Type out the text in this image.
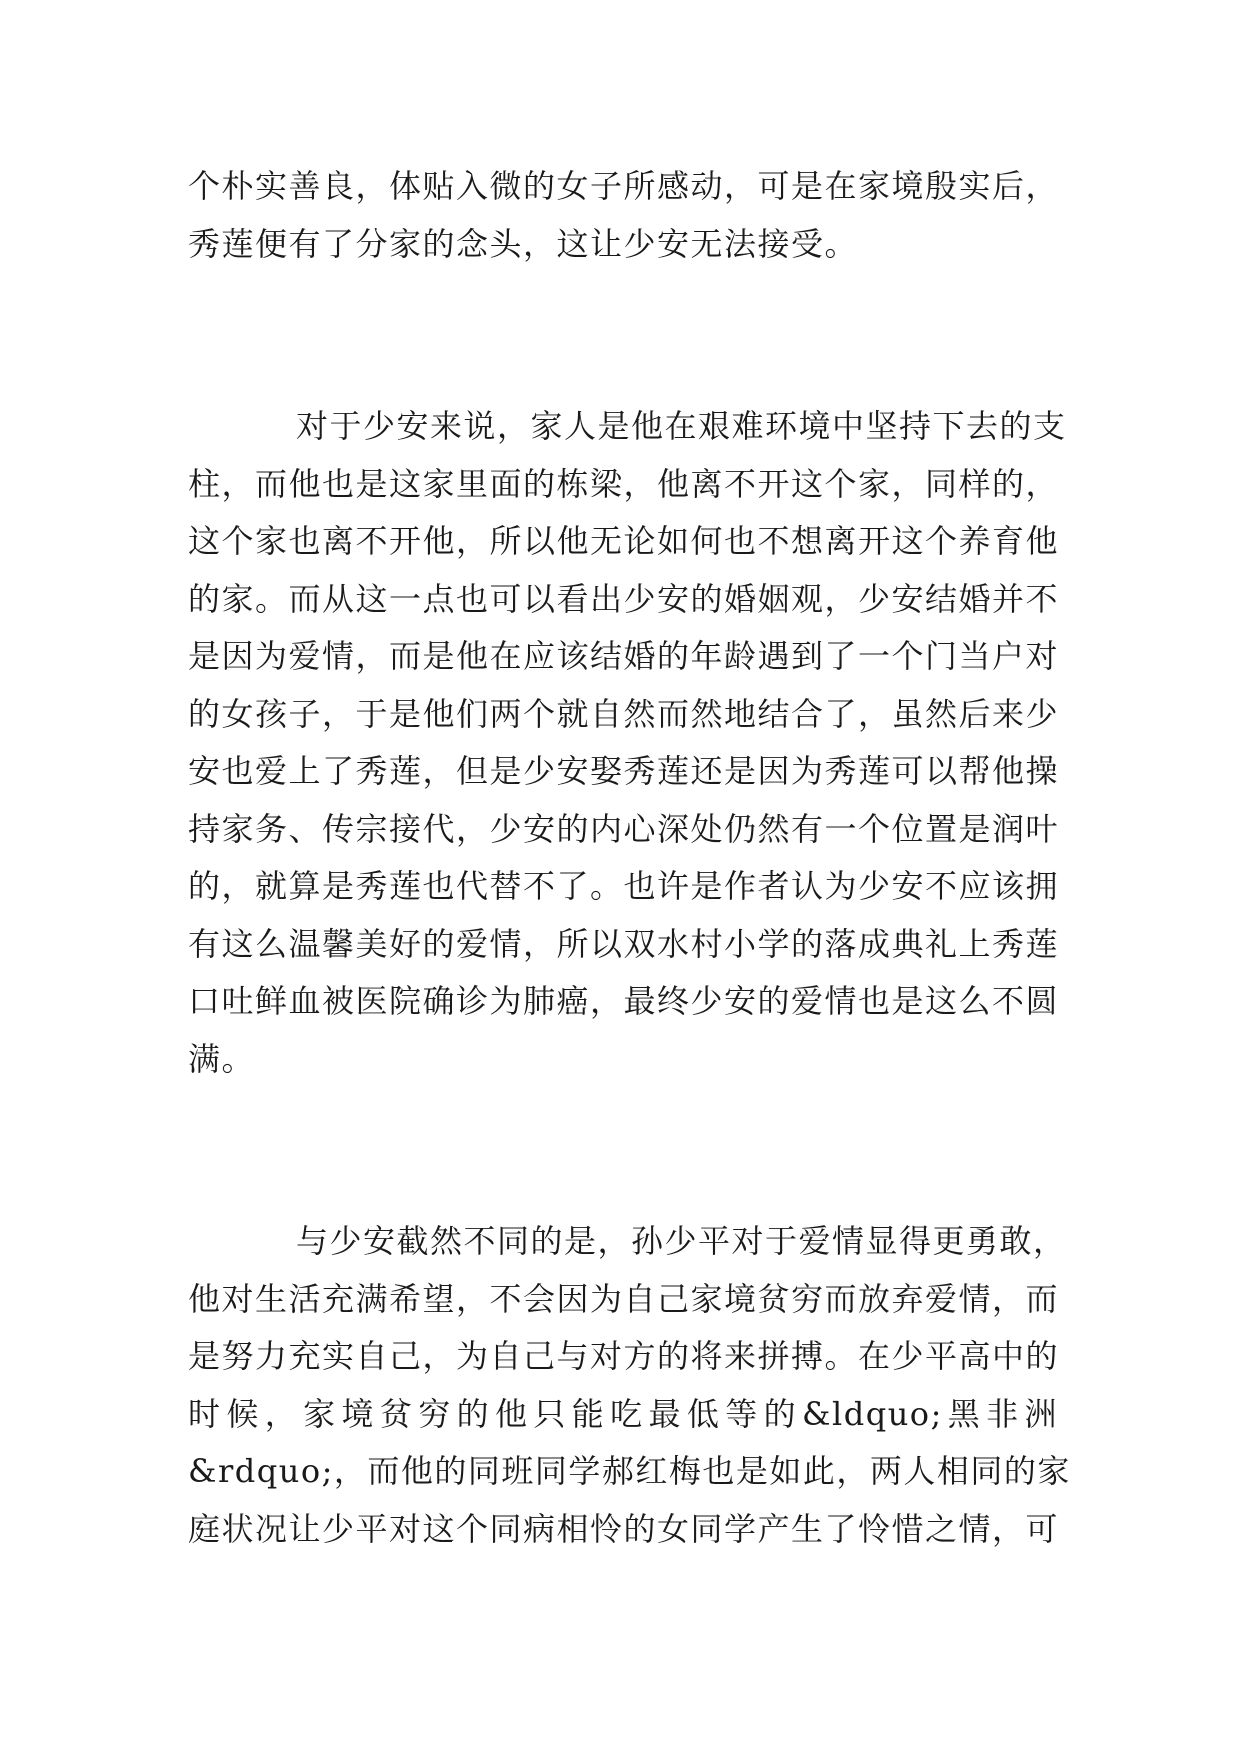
个朴实善良，体贴入微的女子所感动，可是在家境殷实后，
秀莲便有了分家的念头，这让少安无法接受。
对于少安来说，家人是他在艰难环境中坚持下去的支
柱，而他也是这家里面的栋梁，他离不开这个家，同样的，
这个家也离不开他，所以他无论如何也不想离开这个养育他
的家。而从这一点也可以看出少安的婚姻观，少安结婚并不
是因为爱情，而是他在应该结婚的年龄遇到了一个门当户对
的女孩子，于是他们两个就自然而然地结合了，虽然后来少
安也爱上了秀莲，但是少安娶秀莲还是因为秀莲可以帮他操
持家务、传宗接代，少安的内心深处仍然有一个位置是润叶
的，就算是秀莲也代替不了。也许是作者认为少安不应该拥
有这么温馨美好的爱情，所以双水村小学的落成典礼上秀莲
口吐鲜血被医院确诊为肺癌，最终少安的爱情也是这么不圆
满。
与少安截然不同的是，孙少平对于爱情显得更勇敢，
他对生活充满希望，不会因为自己家境贫穷而放弃爱情，而
是努力充实自己，为自己与对方的将来拼搏。在少平高中的
时候，家境贫穷的他只能吃最低等的&ldquo;黑非洲
&rdquo;，而他的同班同学郝红梅也是如此，两人相同的家
庭状况让少平对这个同病相怜的女同学产生了怜惜之情，可
